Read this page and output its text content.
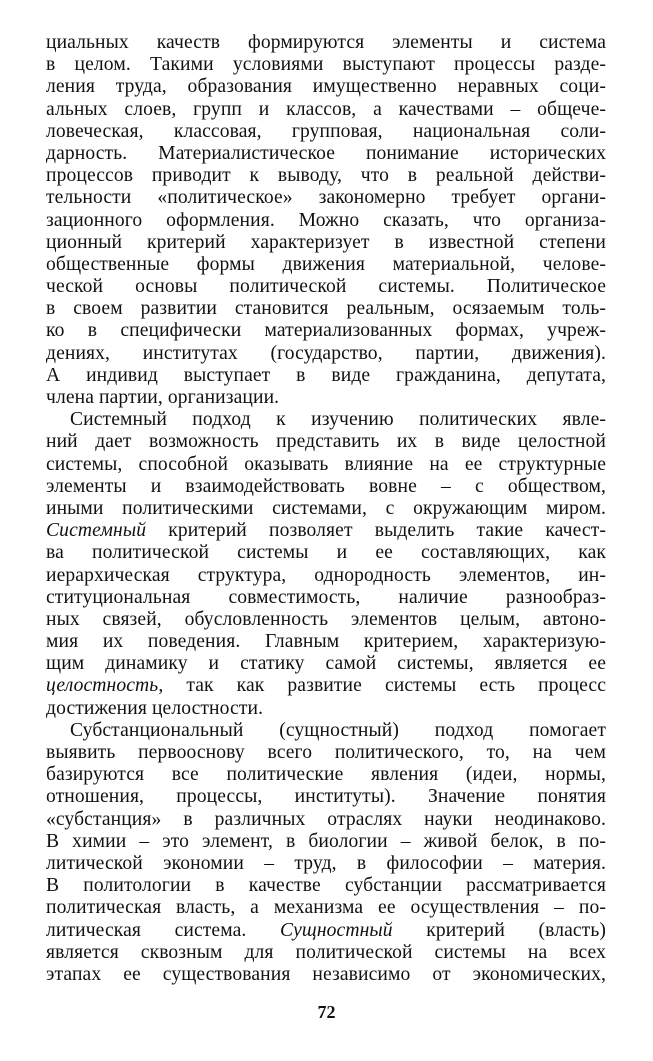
циальных качеств формируются элементы и система
в целом. Такими условиями выступают процессы разде-
ления труда, образования имущественно неравных соци-
альных слоев, групп и классов, а качествами – общече-
ловеческая, классовая, групповая, национальная соли-
дарность. Материалистическое понимание исторических
процессов приводит к выводу, что в реальной действи-
тельности «политическое» закономерно требует органи-
зационного оформления. Можно сказать, что организа-
ционный критерий характеризует в известной степени
общественные формы движения материальной, челове-
ческой основы политической системы. Политическое
в своем развитии становится реальным, осязаемым толь-
ко в специфически материализованных формах, учреж-
дениях, институтах (государство, партии, движения).
А индивид выступает в виде гражданина, депутата,
члена партии, организации.
Системный подход к изучению политических явле-
ний дает возможность представить их в виде целостной
системы, способной оказывать влияние на ее структурные
элементы и взаимодействовать вовне – с обществом,
иными политическими системами, с окружающим миром.
Системный критерий позволяет выделить такие качест-
ва политической системы и ее составляющих, как
иерархическая структура, однородность элементов, ин-
ституциональная совместимость, наличие разнообраз-
ных связей, обусловленность элементов целым, автоно-
мия их поведения. Главным критерием, характеризую-
щим динамику и статику самой системы, является ее
целостность, так как развитие системы есть процесс
достижения целостности.
Субстанциональный (сущностный) подход помогает
выявить первооснову всего политического, то, на чем
базируются все политические явления (идеи, нормы,
отношения, процессы, институты). Значение понятия
«субстанция» в различных отраслях науки неодинаково.
В химии – это элемент, в биологии – живой белок, в по-
литической экономии – труд, в философии – материя.
В политологии в качестве субстанции рассматривается
политическая власть, а механизма ее осуществления – по-
литическая система. Сущностный критерий (власть)
является сквозным для политической системы на всех
этапах ее существования независимо от экономических,
72
